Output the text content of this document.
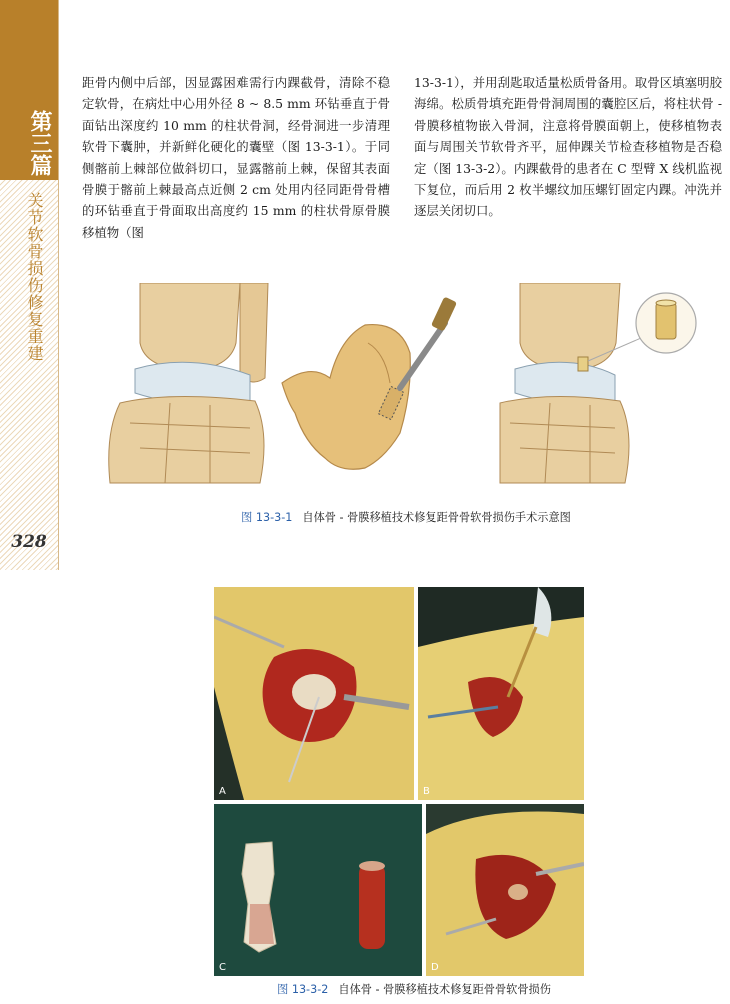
第三篇
关节软骨损伤修复重建
328

距骨内侧中后部，因显露困难需行内踝截骨，清除不稳定软骨，在病灶中心用外径 8 ~ 8.5 mm 环钻垂直于骨面钻出深度约 10 mm 的柱状骨洞，经骨洞进一步清理软骨下囊肿，并新鲜化硬化的囊壁（图 13-3-1）。于同侧髂前上棘部位做斜切口，显露髂前上棘，保留其表面骨膜于髂前上棘最高点近侧 2 cm 处用内径同距骨骨槽的环钻垂直于骨面取出高度约 15 mm 的柱状骨原骨膜移植物（图

13-3-1），并用刮匙取适量松质骨备用。取骨区填塞明胶海绵。松质骨填充距骨骨洞周围的囊腔区后，将柱状骨 - 骨膜移植物嵌入骨洞，注意将骨膜面朝上，使移植物表面与周围关节软骨齐平，屈伸踝关节检查移植物是否稳定（图 13-3-2）。内踝截骨的患者在 C 型臂 X 线机监视下复位，而后用 2 枚半螺纹加压螺钉固定内踝。冲洗并逐层关闭切口。

图 13-3-1 自体骨 - 骨膜移植技术修复距骨骨软骨损伤手术示意图
A	B
C	D
图 13-3-2 自体骨 - 骨膜移植技术修复距骨骨软骨损伤
